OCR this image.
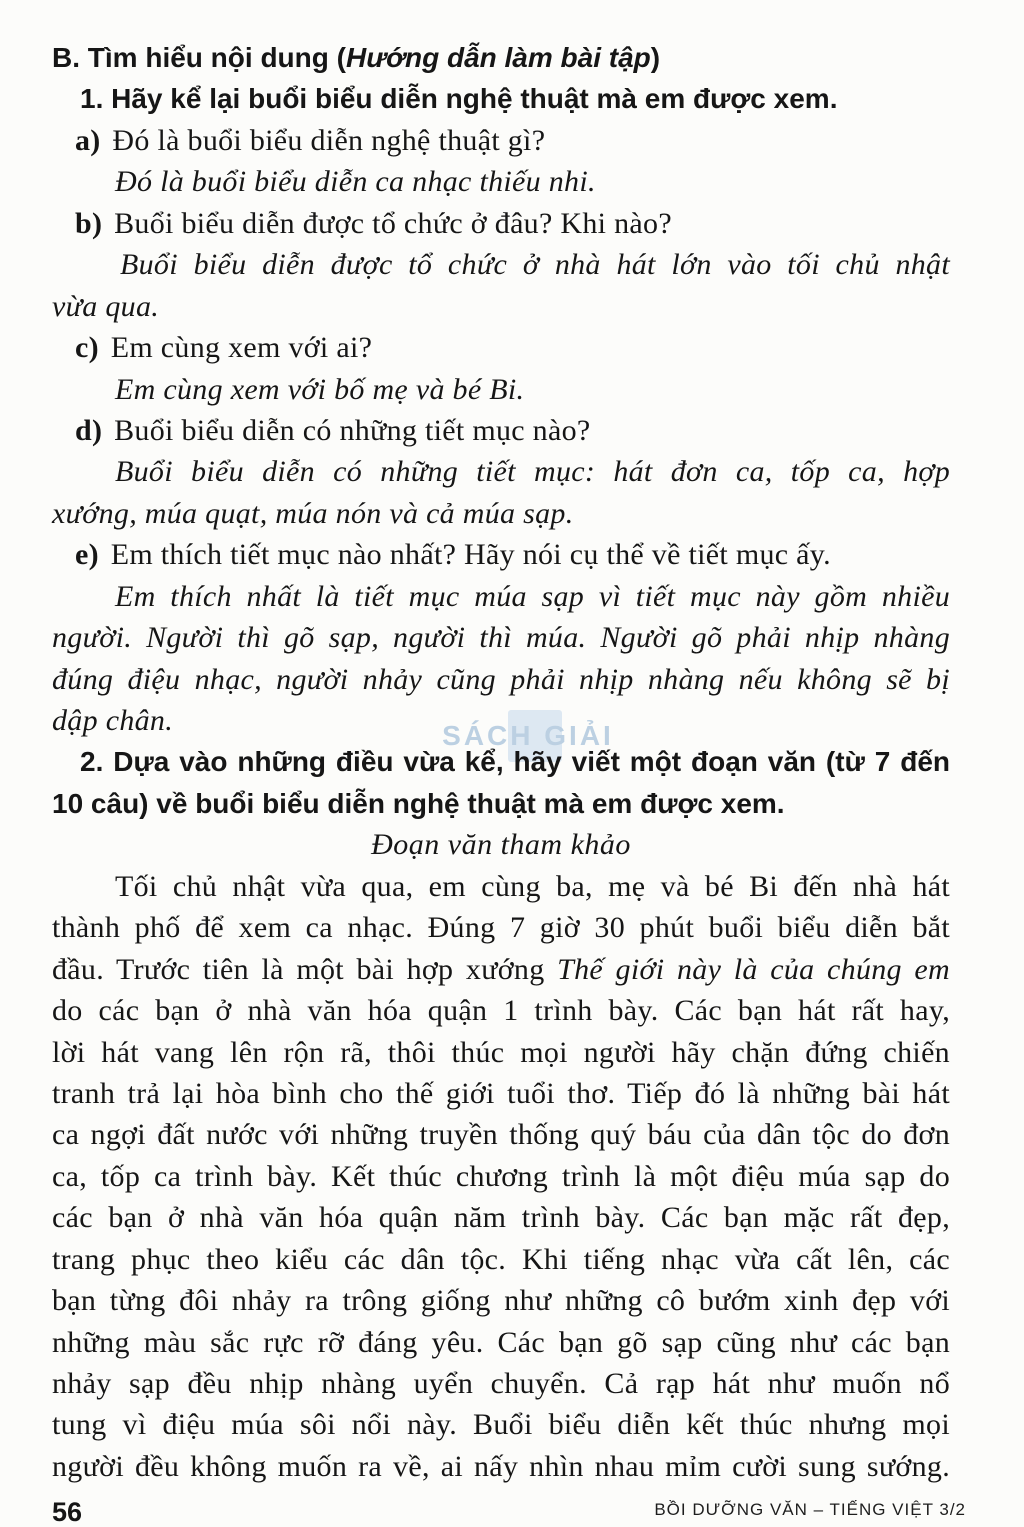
SÁCH GIẢI
B. Tìm hiểu nội dung (Hướng dẫn làm bài tập)
1. Hãy kể lại buổi biểu diễn nghệ thuật mà em được xem.
a) Đó là buổi biểu diễn nghệ thuật gì?
Đó là buổi biểu diễn ca nhạc thiếu nhi.
b) Buổi biểu diễn được tổ chức ở đâu? Khi nào?
Buổi biểu diễn được tổ chức ở nhà hát lớn vào tối chủ nhật
vừa qua.
c) Em cùng xem với ai?
Em cùng xem với bố mẹ và bé Bi.
d) Buổi biểu diễn có những tiết mục nào?
Buổi biểu diễn có những tiết mục: hát đơn ca, tốp ca, hợp
xướng, múa quạt, múa nón và cả múa sạp.
e) Em thích tiết mục nào nhất? Hãy nói cụ thể về tiết mục ấy.
Em thích nhất là tiết mục múa sạp vì tiết mục này gồm nhiều
người. Người thì gõ sạp, người thì múa. Người gõ phải nhịp nhàng
đúng điệu nhạc, người nhảy cũng phải nhịp nhàng nếu không sẽ bị
dập chân.
2. Dựa vào những điều vừa kể, hãy viết một đoạn văn (từ 7 đến
10 câu) về buổi biểu diễn nghệ thuật mà em được xem.
Đoạn văn tham khảo
Tối chủ nhật vừa qua, em cùng ba, mẹ và bé Bi đến nhà hát
thành phố để xem ca nhạc. Đúng 7 giờ 30 phút buổi biểu diễn bắt
đầu. Trước tiên là một bài hợp xướng Thế giới này là của chúng em
do các bạn ở nhà văn hóa quận 1 trình bày. Các bạn hát rất hay,
lời hát vang lên rộn rã, thôi thúc mọi người hãy chặn đứng chiến
tranh trả lại hòa bình cho thế giới tuổi thơ. Tiếp đó là những bài hát
ca ngợi đất nước với những truyền thống quý báu của dân tộc do đơn
ca, tốp ca trình bày. Kết thúc chương trình là một điệu múa sạp do
các bạn ở nhà văn hóa quận năm trình bày. Các bạn mặc rất đẹp,
trang phục theo kiểu các dân tộc. Khi tiếng nhạc vừa cất lên, các
bạn từng đôi nhảy ra trông giống như những cô bướm xinh đẹp với
những màu sắc rực rỡ đáng yêu. Các bạn gõ sạp cũng như các bạn
nhảy sạp đều nhịp nhàng uyển chuyển. Cả rạp hát như muốn nổ
tung vì điệu múa sôi nổi này. Buổi biểu diễn kết thúc nhưng mọi
người đều không muốn ra về, ai nấy nhìn nhau mỉm cười sung sướng.
56	BỒI DƯỠNG VĂN – TIẾNG VIỆT 3/2
